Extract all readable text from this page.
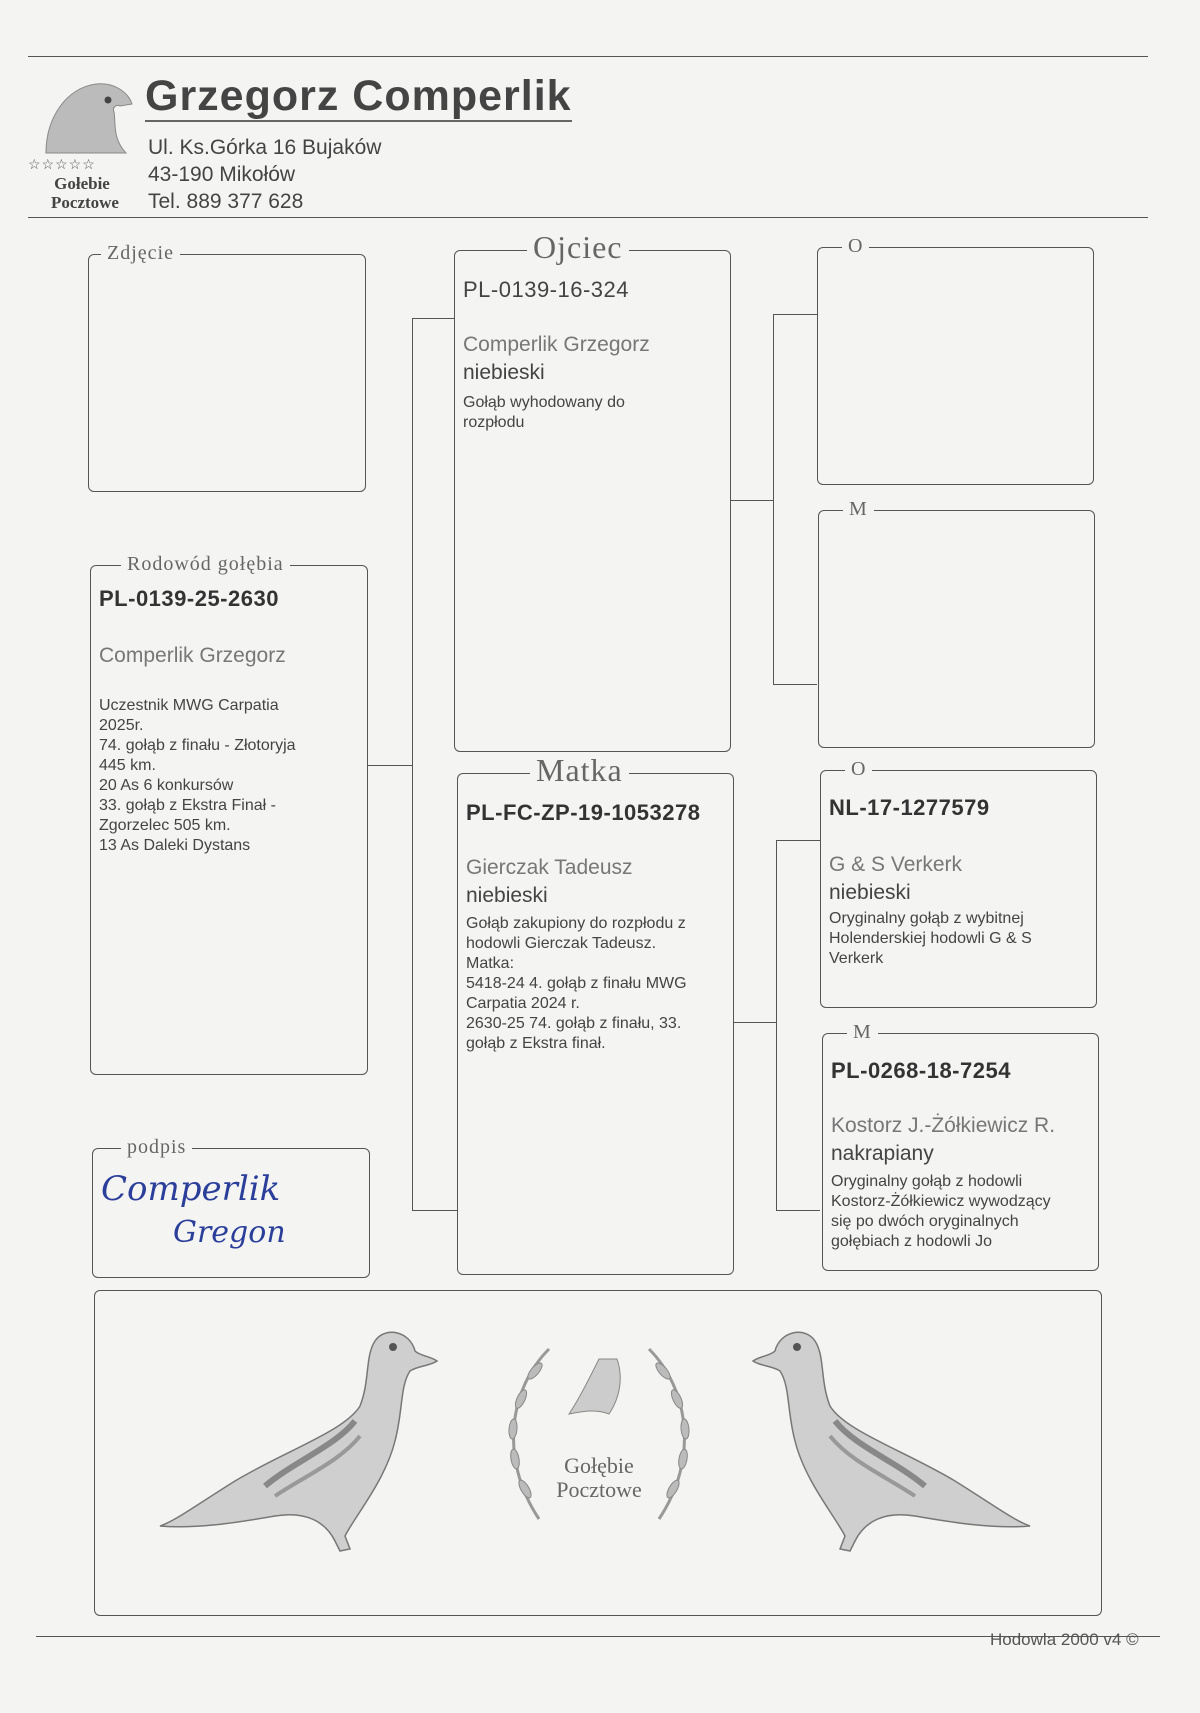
☆☆☆☆☆
Gołebie
Pocztowe
Grzegorz Comperlik
Ul. Ks.Górka 16 Bujaków
43-190 Mikołów
Tel. 889 377 628
Zdjęcie
Rodowód gołębia
PL-0139-25-2630
Comperlik Grzegorz
Uczestnik MWG Carpatia
2025r.
74. gołąb z finału - Złotoryja
445 km.
20 As 6 konkursów
33. gołąb z Ekstra Finał -
Zgorzelec 505 km.
13 As Daleki Dystans
podpis
Comperlik
Gregon
Ojciec
PL-0139-16-324
Comperlik Grzegorz
niebieski
Gołąb wyhodowany do
rozpłodu
Matka
PL-FC-ZP-19-1053278
Gierczak Tadeusz
niebieski
Gołąb zakupiony do rozpłodu z
hodowli Gierczak Tadeusz.
Matka:
5418-24 4. gołąb z finału MWG
Carpatia 2024 r.
2630-25 74. gołąb z finału, 33.
gołąb z Ekstra finał.
O
M
O
NL-17-1277579
G & S Verkerk
niebieski
Oryginalny gołąb z wybitnej
Holenderskiej hodowli G & S
Verkerk
M
PL-0268-18-7254
Kostorz J.-Żółkiewicz R.
nakrapiany
Oryginalny gołąb z hodowli
Kostorz-Żółkiewicz wywodzący
się po dwóch oryginalnych
gołębiach z hodowli Jo
Gołębie
Pocztowe
Hodowla 2000 v4 ©
